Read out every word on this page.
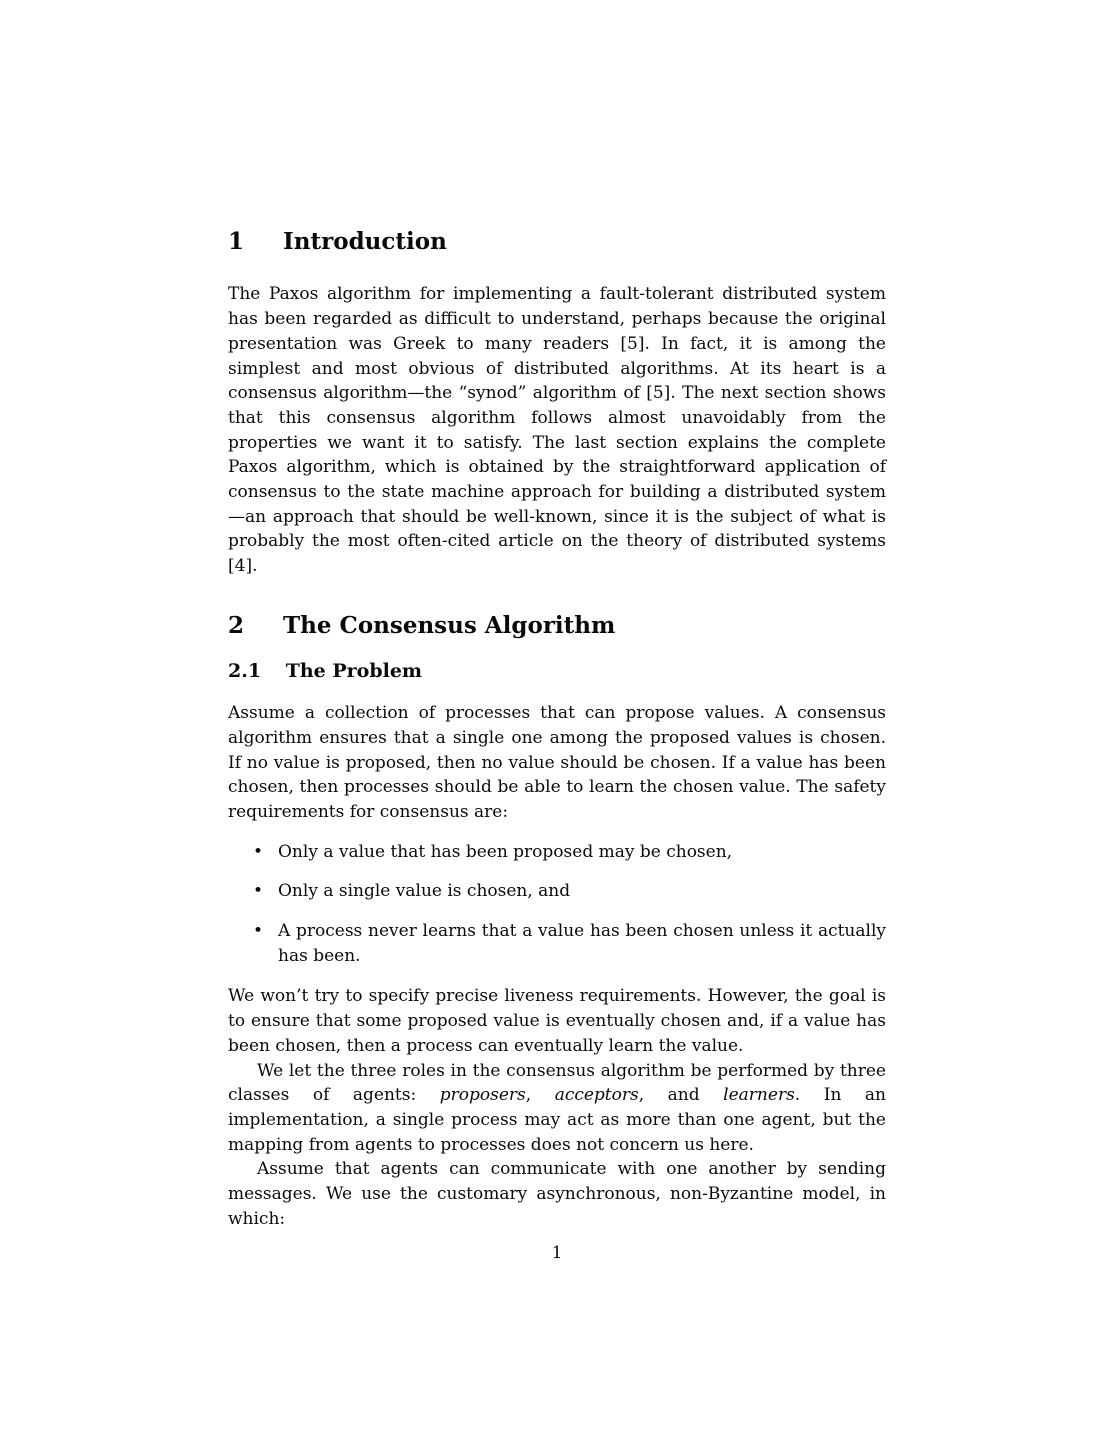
1 Introduction

The Paxos algorithm for implementing a fault-tolerant distributed system has been regarded as difficult to understand, perhaps because the original presentation was Greek to many readers [5]. In fact, it is among the simplest and most obvious of distributed algorithms. At its heart is a consensus algorithm—the “synod” algorithm of [5]. The next section shows that this consensus algorithm follows almost unavoidably from the properties we want it to satisfy. The last section explains the complete Paxos algorithm, which is obtained by the straightforward application of consensus to the state machine approach for building a distributed system—an approach that should be well-known, since it is the subject of what is probably the most often-cited article on the theory of distributed systems [4].

2 The Consensus Algorithm
2.1 The Problem

Assume a collection of processes that can propose values. A consensus algorithm ensures that a single one among the proposed values is chosen. If no value is proposed, then no value should be chosen. If a value has been chosen, then processes should be able to learn the chosen value. The safety requirements for consensus are:

• Only a value that has been proposed may be chosen,
• Only a single value is chosen, and
• A process never learns that a value has been chosen unless it actually has been.

We won’t try to specify precise liveness requirements. However, the goal is to ensure that some proposed value is eventually chosen and, if a value has been chosen, then a process can eventually learn the value.

We let the three roles in the consensus algorithm be performed by three classes of agents: proposers, acceptors, and learners. In an implementation, a single process may act as more than one agent, but the mapping from agents to processes does not concern us here.

Assume that agents can communicate with one another by sending messages. We use the customary asynchronous, non-Byzantine model, in which:

1
